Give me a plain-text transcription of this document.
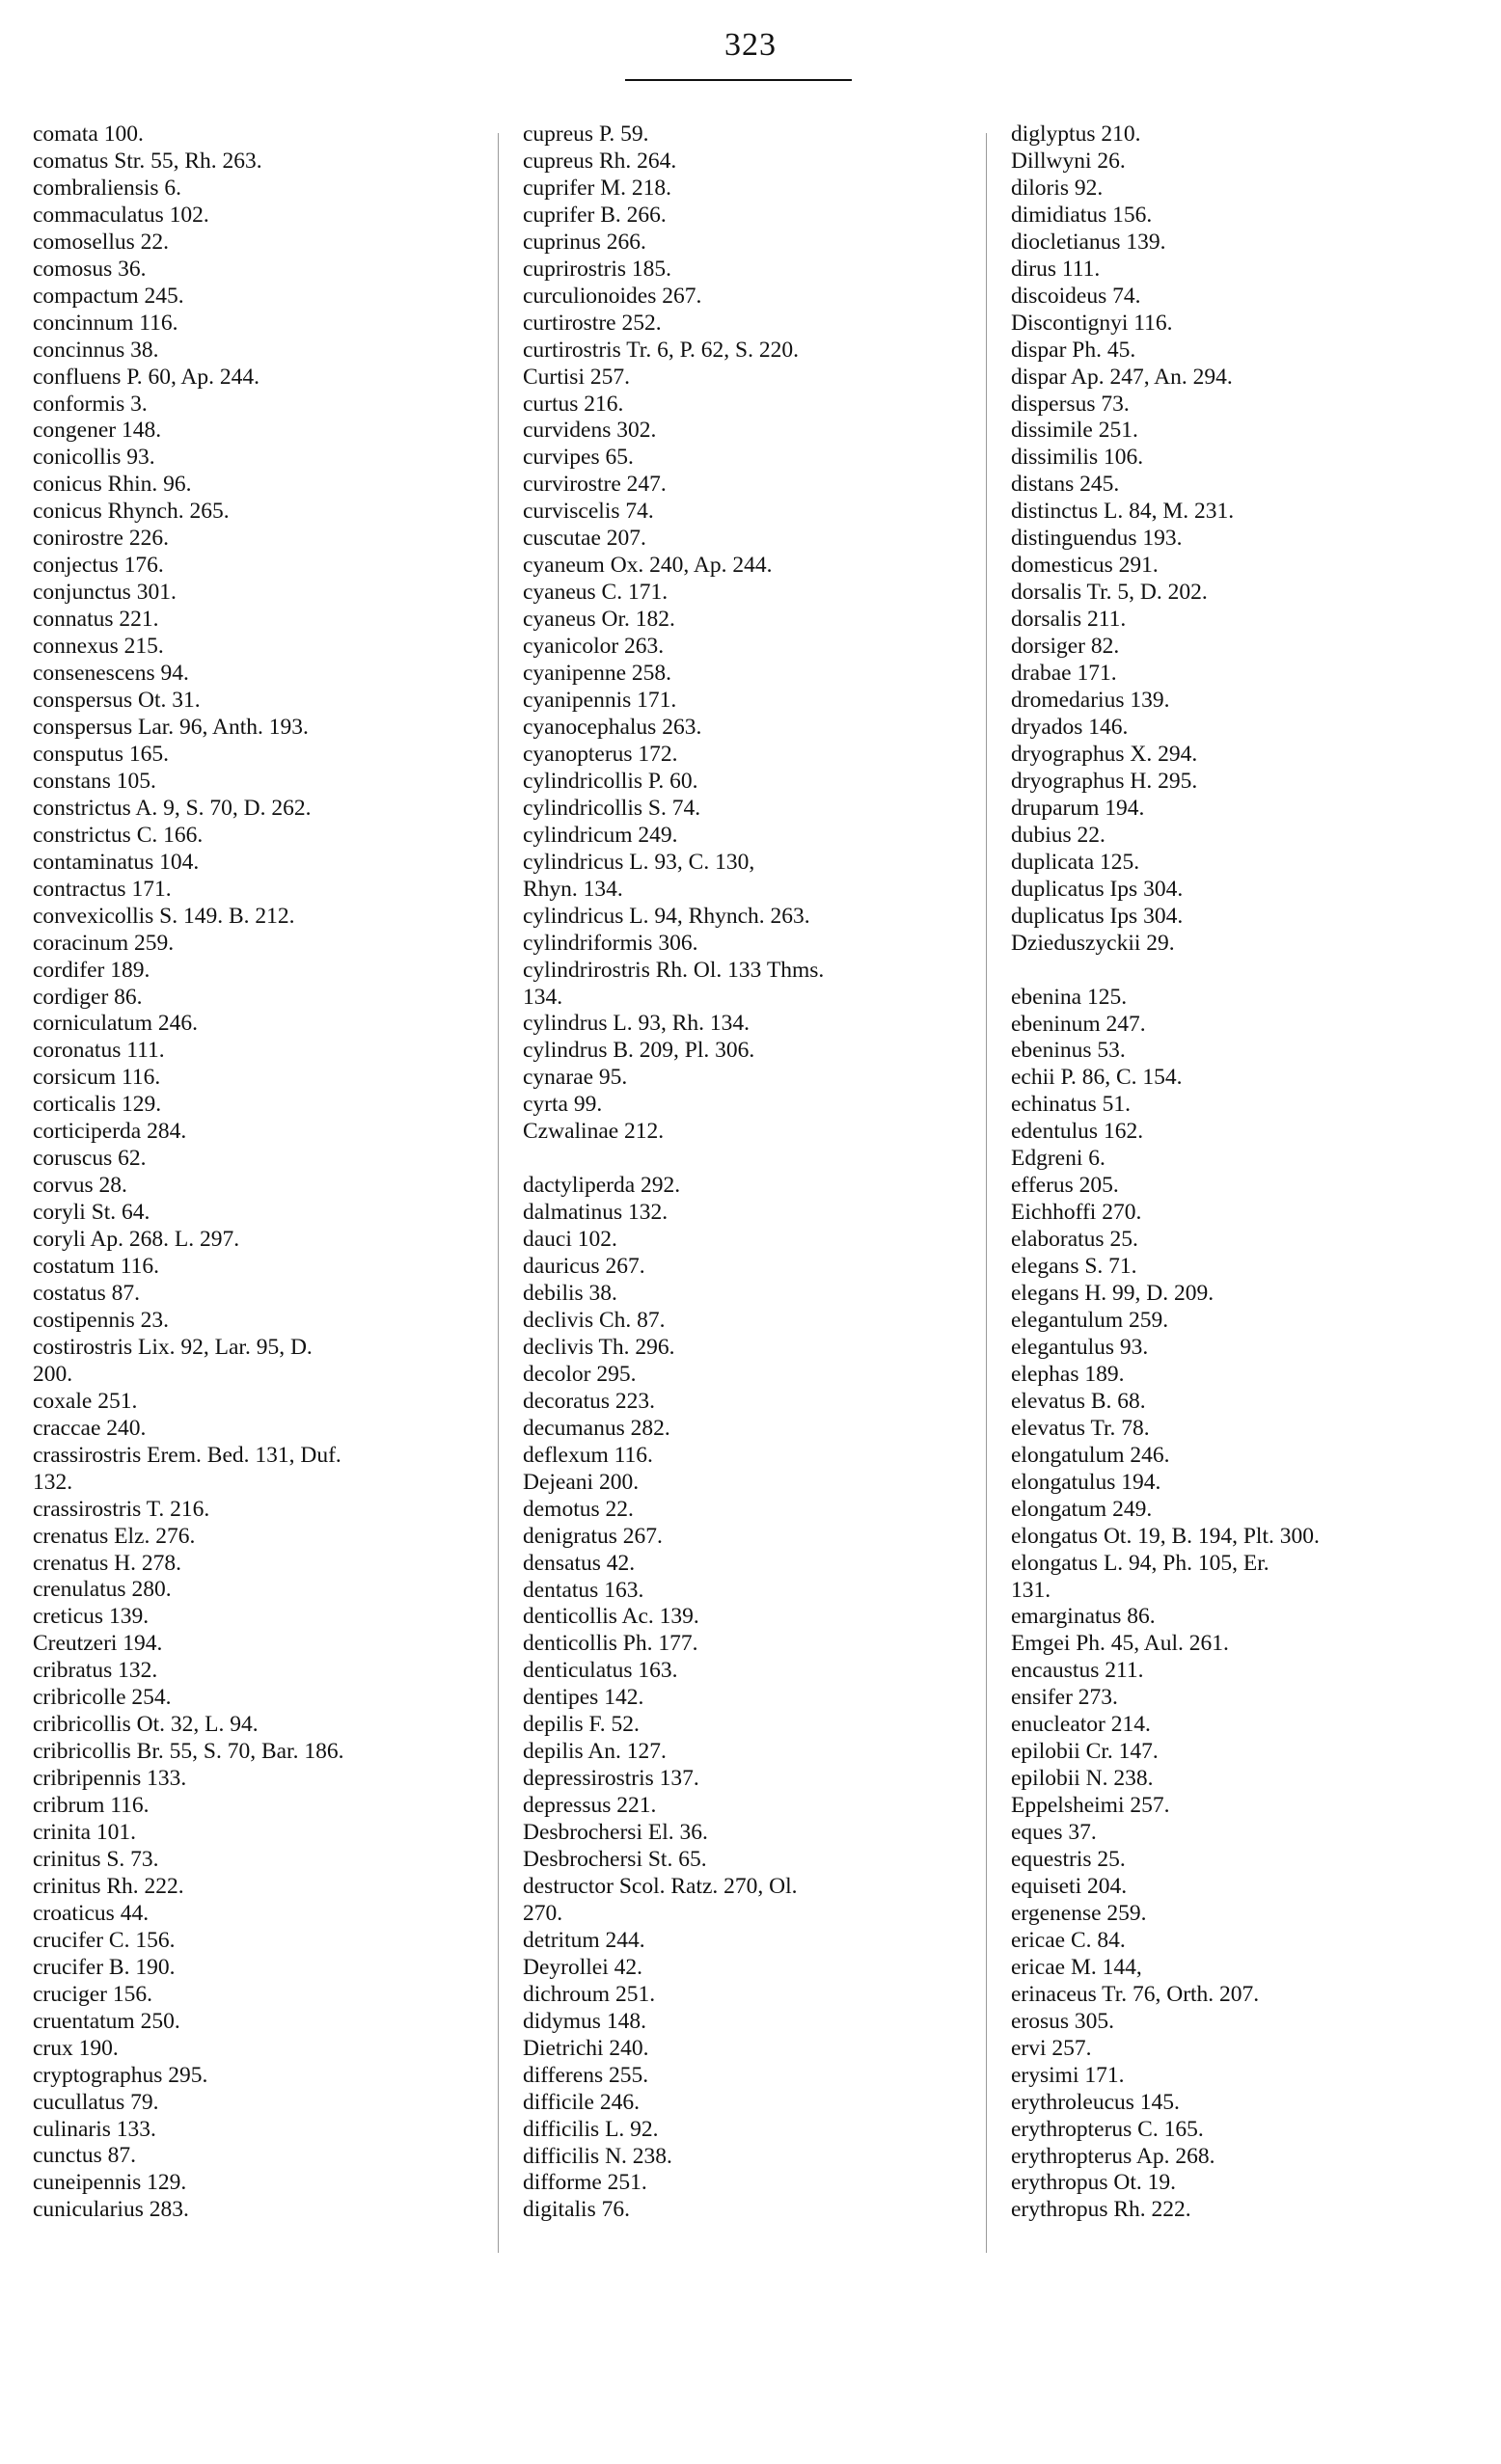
323
comata 100.
comatus Str. 55, Rh. 263.
combraliensis 6.
commaculatus 102.
comosellus 22.
comosus 36.
compactum 245.
concinnum 116.
concinnus 38.
confluens P. 60, Ap. 244.
conformis 3.
congener 148.
conicollis 93.
conicus Rhin. 96.
conicus Rhynch. 265.
conirostre 226.
conjectus 176.
conjunctus 301.
connatus 221.
connexus 215.
consenescens 94.
conspersus Ot. 31.
conspersus Lar. 96, Anth. 193.
consputus 165.
constans 105.
constrictus A. 9, S. 70, D. 262.
constrictus C. 166.
contaminatus 104.
contractus 171.
convexicollis S. 149. B. 212.
coracinum 259.
cordifer 189.
cordiger 86.
corniculatum 246.
coronatus 111.
corsicum 116.
corticalis 129.
corticiperda 284.
coruscus 62.
corvus 28.
coryli St. 64.
coryli Ap. 268. L. 297.
costatum 116.
costatus 87.
costipennis 23.
costirostris Lix. 92, Lar. 95, D.
200.
coxale 251.
craccae 240.
crassirostris Erem. Bed. 131, Duf.
132.
crassirostris T. 216.
crenatus Elz. 276.
crenatus H. 278.
crenulatus 280.
creticus 139.
Creutzeri 194.
cribratus 132.
cribricolle 254.
cribricollis Ot. 32, L. 94.
cribricollis Br. 55, S. 70, Bar. 186.
cribripennis 133.
cribrum 116.
crinita 101.
crinitus S. 73.
crinitus Rh. 222.
croaticus 44.
crucifer C. 156.
crucifer B. 190.
cruciger 156.
cruentatum 250.
crux 190.
cryptographus 295.
cucullatus 79.
culinaris 133.
cunctus 87.
cuneipennis 129.
cunicularius 283.
cupreus P. 59.
cupreus Rh. 264.
cuprifer M. 218.
cuprifer B. 266.
cuprinus 266.
cuprirostris 185.
curculionoides 267.
curtirostre 252.
curtirostris Tr. 6, P. 62, S. 220.
Curtisi 257.
curtus 216.
curvidens 302.
curvipes 65.
curvirostre 247.
curviscelis 74.
cuscutae 207.
cyaneum Ox. 240, Ap. 244.
cyaneus C. 171.
cyaneus Or. 182.
cyanicolor 263.
cyanipenne 258.
cyanipennis 171.
cyanocephalus 263.
cyanopterus 172.
cylindricollis P. 60.
cylindricollis S. 74.
cylindricum 249.
cylindricus L. 93, C. 130,
Rhyn. 134.
cylindricus L. 94, Rhynch. 263.
cylindriformis 306.
cylindrirostris Rh. Ol. 133 Thms.
134.
cylindrus L. 93, Rh. 134.
cylindrus B. 209, Pl. 306.
cynarae 95.
cyrta 99.
Czwalinae 212.
dactyliperda 292.
dalmatinus 132.
dauci 102.
dauricus 267.
debilis 38.
declivis Ch. 87.
declivis Th. 296.
decolor 295.
decoratus 223.
decumanus 282.
deflexum 116.
Dejeani 200.
demotus 22.
denigratus 267.
densatus 42.
dentatus 163.
denticollis Ac. 139.
denticollis Ph. 177.
denticulatus 163.
dentipes 142.
depilis F. 52.
depilis An. 127.
depressirostris 137.
depressus 221.
Desbrochersi El. 36.
Desbrochersi St. 65.
destructor Scol. Ratz. 270, Ol.
270.
detritum 244.
Deyrollei 42.
dichroum 251.
didymus 148.
Dietrichi 240.
differens 255.
difficile 246.
difficilis L. 92.
difficilis N. 238.
difforme 251.
digitalis 76.
diglyptus 210.
Dillwyni 26.
diloris 92.
dimidiatus 156.
diocletianus 139.
dirus 111.
discoideus 74.
Discontignyi 116.
dispar Ph. 45.
dispar Ap. 247, An. 294.
dispersus 73.
dissimile 251.
dissimilis 106.
distans 245.
distinctus L. 84, M. 231.
distinguendus 193.
domesticus 291.
dorsalis Tr. 5, D. 202.
dorsalis 211.
dorsiger 82.
drabae 171.
dromedarius 139.
dryados 146.
dryographus X. 294.
dryographus H. 295.
druparum 194.
dubius 22.
duplicata 125.
duplicatus Ips 304.
duplicatus Ips 304.
Dzieduszyckii 29.
ebenina 125.
ebeninum 247.
ebeninus 53.
echii P. 86, C. 154.
echinatus 51.
edentulus 162.
Edgreni 6.
efferus 205.
Eichhoffi 270.
elaboratus 25.
elegans S. 71.
elegans H. 99, D. 209.
elegantulum 259.
elegantulus 93.
elephas 189.
elevatus B. 68.
elevatus Tr. 78.
elongatulum 246.
elongatulus 194.
elongatum 249.
elongatus Ot. 19, B. 194, Plt. 300.
elongatus L. 94, Ph. 105, Er.
131.
emarginatus 86.
Emgei Ph. 45, Aul. 261.
encaustus 211.
ensifer 273.
enucleator 214.
epilobii Cr. 147.
epilobii N. 238.
Eppelsheimi 257.
eques 37.
equestris 25.
equiseti 204.
ergenense 259.
ericae C. 84.
ericae M. 144,
erinaceus Tr. 76, Orth. 207.
erosus 305.
ervi 257.
erysimi 171.
erythroleucus 145.
erythropterus C. 165.
erythropterus Ap. 268.
erythropus Ot. 19.
erythropus Rh. 222.
